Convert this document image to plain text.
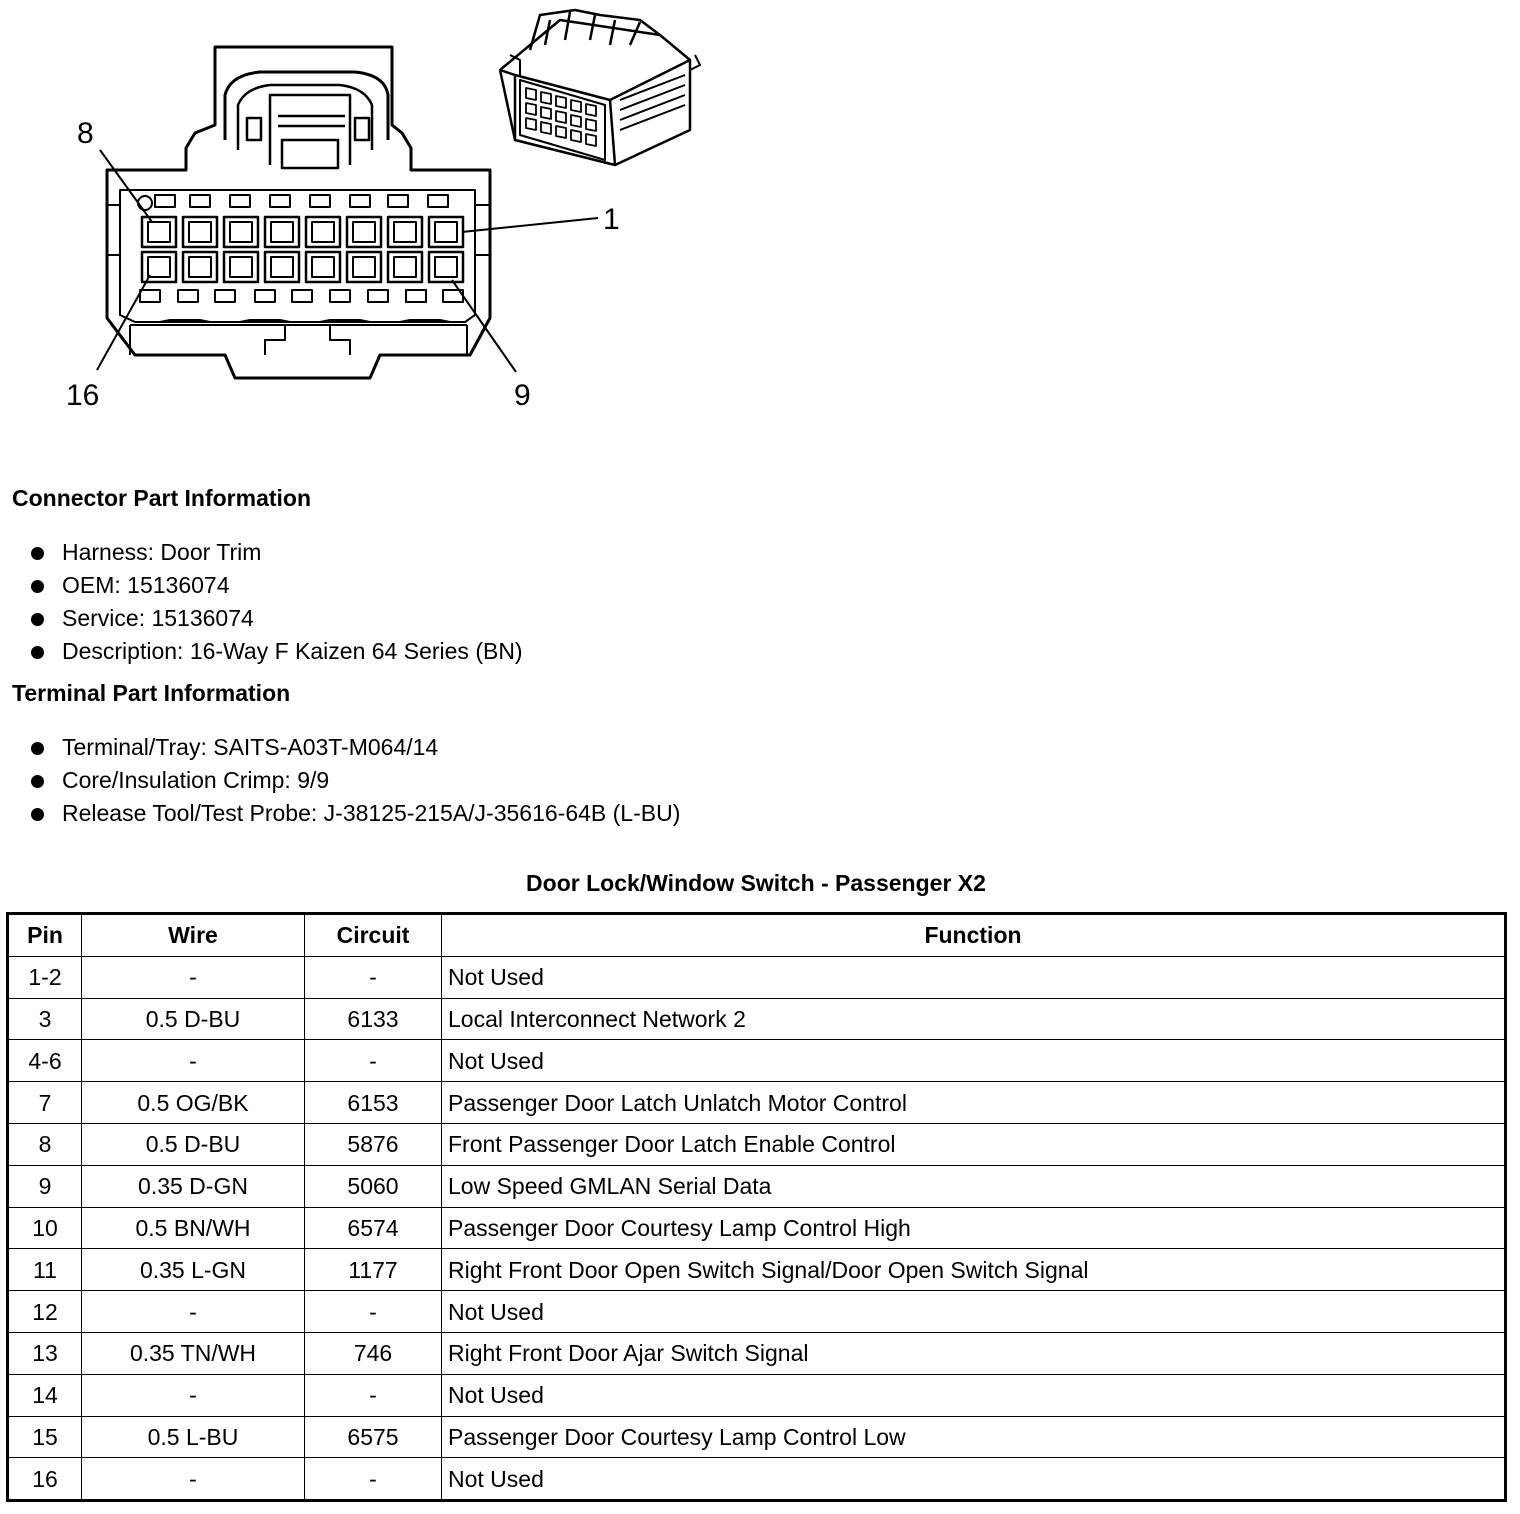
8
1
16	9
Connector Part Information
Harness: Door Trim
OEM: 15136074
Service: 15136074
Description: 16-Way F Kaizen 64 Series (BN)
Terminal Part Information
Terminal/Tray: SAITS-A03T-M064/14
Core/Insulation Crimp: 9/9
Release Tool/Test Probe: J-38125-215A/J-35616-64B (L-BU)
Door Lock/Window Switch - Passenger X2
Pin	Wire	Circuit	Function
1-2	-	-	Not Used
3	0.5 D-BU	6133	Local Interconnect Network 2
4-6	-	-	Not Used
7	0.5 OG/BK	6153	Passenger Door Latch Unlatch Motor Control
8	0.5 D-BU	5876	Front Passenger Door Latch Enable Control
9	0.35 D-GN	5060	Low Speed GMLAN Serial Data
10	0.5 BN/WH	6574	Passenger Door Courtesy Lamp Control High
11	0.35 L-GN	1177	Right Front Door Open Switch Signal/Door Open Switch Signal
12	-	-	Not Used
13	0.35 TN/WH	746	Right Front Door Ajar Switch Signal
14	-	-	Not Used
15	0.5 L-BU	6575	Passenger Door Courtesy Lamp Control Low
16	-	-	Not Used
